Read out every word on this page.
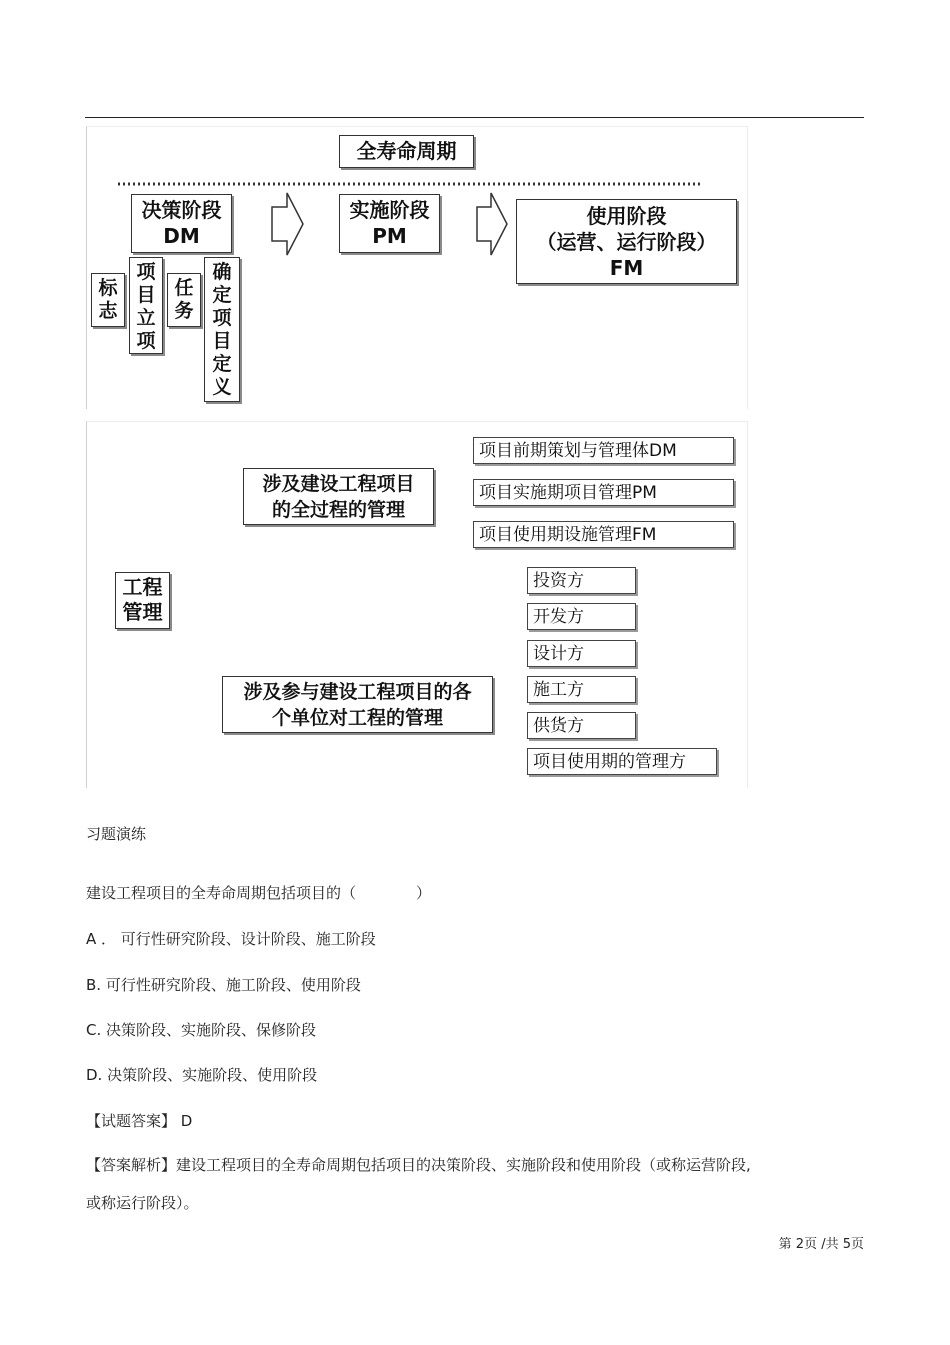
全寿命周期
决策阶段
DM
实施阶段
PM
使用阶段
（运营、运行阶段）
FM
标志
项目立项
任务
确定项目定义
工程管理
涉及建设工程项目
的全过程的管理
涉及参与建设工程项目的各
个单位对工程的管理
项目前期策划与管理体DM
项目实施期项目管理PM
项目使用期设施管理FM
投资方
开发方
设计方
施工方
供货方
项目使用期的管理方
习题演练
建设工程项目的全寿命周期包括项目的（　　　　）
A ． 可行性研究阶段、设计阶段、施工阶段
B. 可行性研究阶段、施工阶段、使用阶段
C. 决策阶段、实施阶段、保修阶段
D. 决策阶段、实施阶段、使用阶段
【试题答案】 D
【答案解析】建设工程项目的全寿命周期包括项目的决策阶段、实施阶段和使用阶段（或称运营阶段,
或称运行阶段）。
第 2页 /共 5页
